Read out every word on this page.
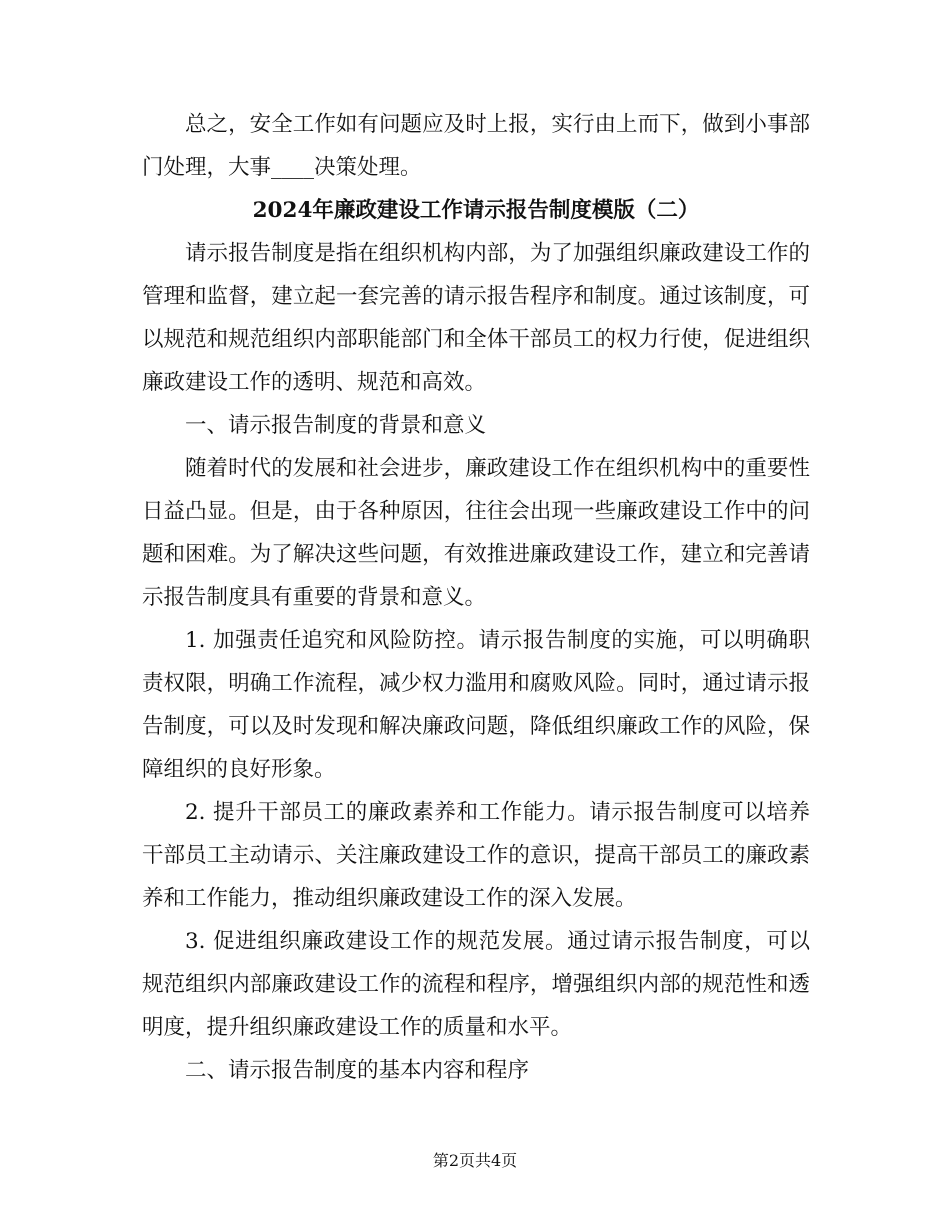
总之，安全工作如有问题应及时上报，实行由上而下，做到小事部门处理，大事____决策处理。

2024年廉政建设工作请示报告制度模版（二）

请示报告制度是指在组织机构内部，为了加强组织廉政建设工作的管理和监督，建立起一套完善的请示报告程序和制度。通过该制度，可以规范和规范组织内部职能部门和全体干部员工的权力行使，促进组织廉政建设工作的透明、规范和高效。

一、请示报告制度的背景和意义

随着时代的发展和社会进步，廉政建设工作在组织机构中的重要性日益凸显。但是，由于各种原因，往往会出现一些廉政建设工作中的问题和困难。为了解决这些问题，有效推进廉政建设工作，建立和完善请示报告制度具有重要的背景和意义。

1. 加强责任追究和风险防控。请示报告制度的实施，可以明确职责权限，明确工作流程，减少权力滥用和腐败风险。同时，通过请示报告制度，可以及时发现和解决廉政问题，降低组织廉政工作的风险，保障组织的良好形象。

2. 提升干部员工的廉政素养和工作能力。请示报告制度可以培养干部员工主动请示、关注廉政建设工作的意识，提高干部员工的廉政素养和工作能力，推动组织廉政建设工作的深入发展。

3. 促进组织廉政建设工作的规范发展。通过请示报告制度，可以规范组织内部廉政建设工作的流程和程序，增强组织内部的规范性和透明度，提升组织廉政建设工作的质量和水平。

二、请示报告制度的基本内容和程序

第2页共4页
